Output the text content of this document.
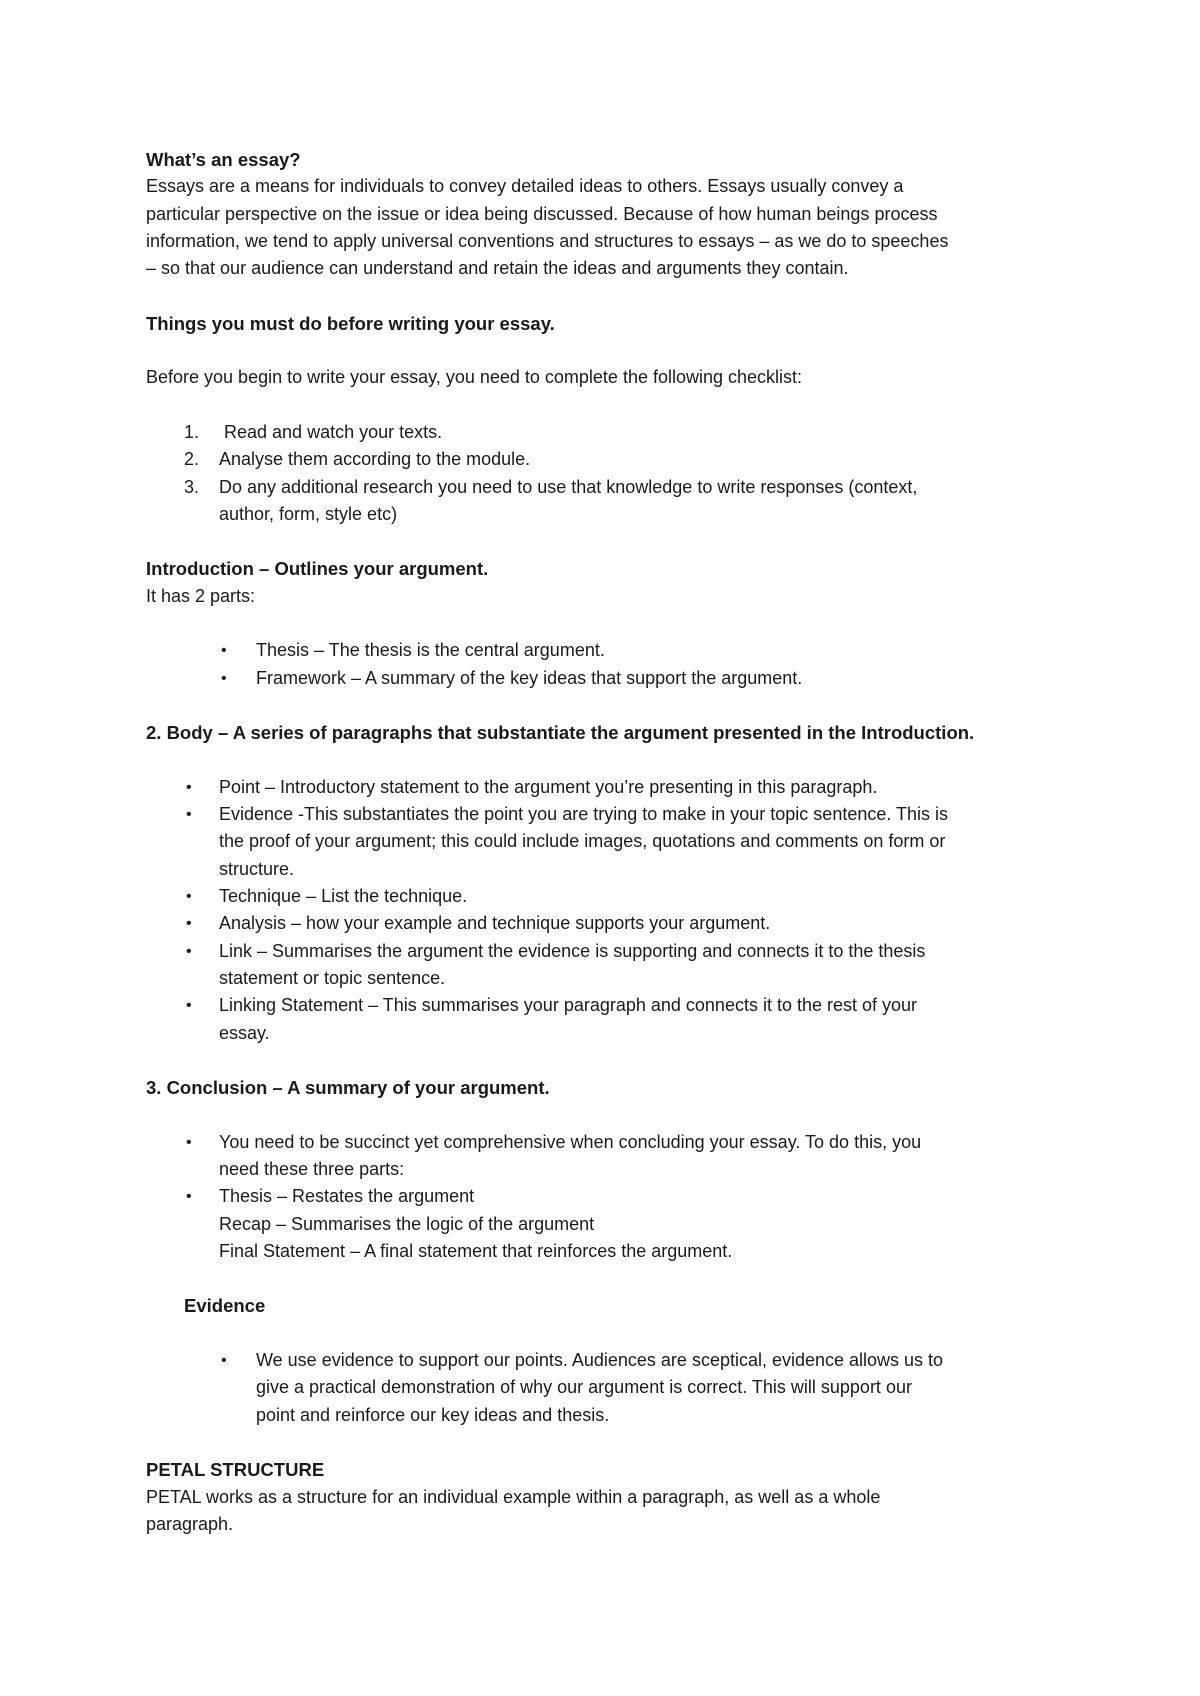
What’s an essay?

Essays are a means for individuals to convey detailed ideas to others. Essays usually convey a

particular perspective on the issue or idea being discussed. Because of how human beings process

information, we tend to apply universal conventions and structures to essays – as we do to speeches

– so that our audience can understand and retain the ideas and arguments they contain.

Things you must do before writing your essay.

Before you begin to write your essay, you need to complete the following checklist:

1. Read and watch your texts.
2. Analyse them according to the module.
3. Do any additional research you need to use that knowledge to write responses (context,
author, form, style etc)
Introduction – Outlines your argument.

It has 2 parts:

• Thesis – The thesis is the central argument.
• Framework – A summary of the key ideas that support the argument.
2. Body – A series of paragraphs that substantiate the argument presented in the Introduction.
• Point – Introductory statement to the argument you’re presenting in this paragraph.
• Evidence -This substantiates the point you are trying to make in your topic sentence. This is
the proof of your argument; this could include images, quotations and comments on form or
structure.
• Technique – List the technique.
• Analysis – how your example and technique supports your argument.
• Link – Summarises the argument the evidence is supporting and connects it to the thesis
statement or topic sentence.
• Linking Statement – This summarises your paragraph and connects it to the rest of your
essay.
3. Conclusion – A summary of your argument.
• You need to be succinct yet comprehensive when concluding your essay. To do this, you
need these three parts:
• Thesis – Restates the argument
Recap – Summarises the logic of the argument
Final Statement – A final statement that reinforces the argument.
Evidence
• We use evidence to support our points. Audiences are sceptical, evidence allows us to
give a practical demonstration of why our argument is correct. This will support our
point and reinforce our key ideas and thesis.
PETAL STRUCTURE

PETAL works as a structure for an individual example within a paragraph, as well as a whole

paragraph.
